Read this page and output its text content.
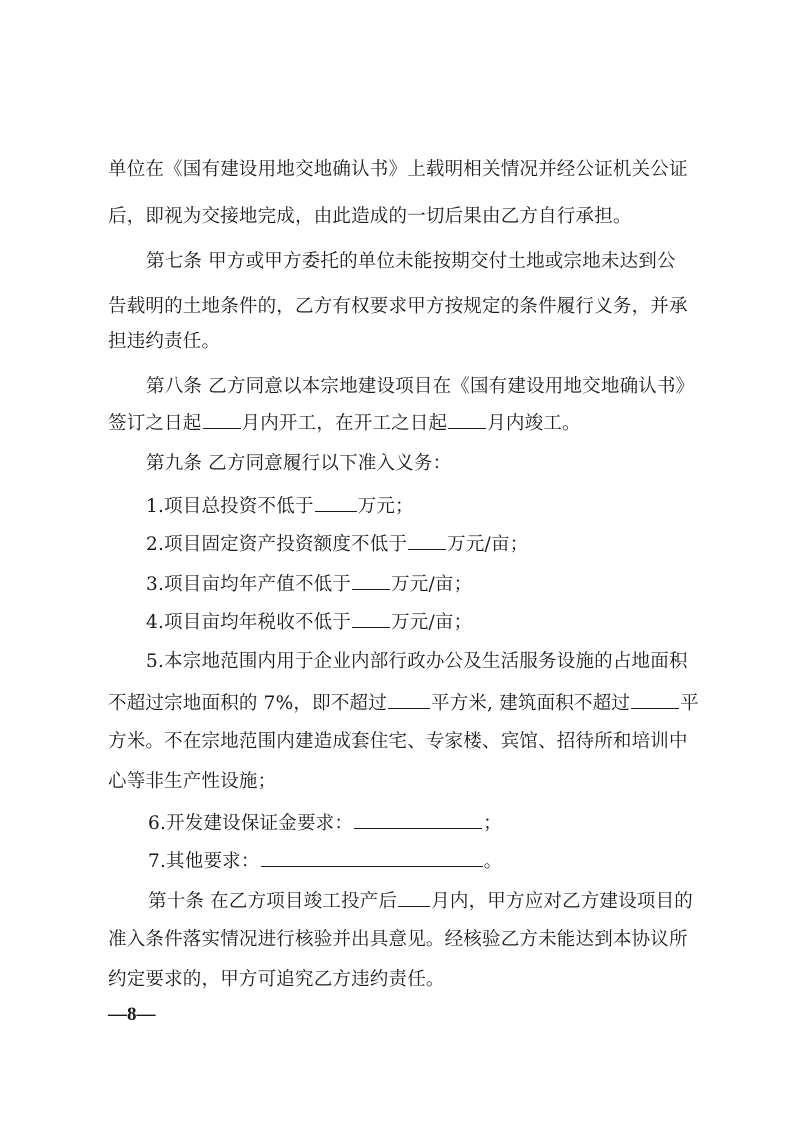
单位在《国有建设用地交地确认书》上载明相关情况并经公证机关公证
后，即视为交接地完成，由此造成的一切后果由乙方自行承担。
第七条 甲方或甲方委托的单位未能按期交付土地或宗地未达到公
告载明的土地条件的，乙方有权要求甲方按规定的条件履行义务，并承
担违约责任。
第八条 乙方同意以本宗地建设项目在《国有建设用地交地确认书》
签订之日起 月内开工，在开工之日起 月内竣工。
第九条 乙方同意履行以下准入义务：
1.项目总投资不低于 万元；
2.项目固定资产投资额度不低于 万元/亩；
3.项目亩均年产值不低于 万元/亩；
4.项目亩均年税收不低于 万元/亩；
5.本宗地范围内用于企业内部行政办公及生活服务设施的占地面积
不超过宗地面积的 7%，即不超过 平方米, 建筑面积不超过	平
方米。不在宗地范围内建造成套住宅、专家楼、宾馆、招待所和培训中
心等非生产性设施；
6.开发建设保证金要求：	；
7.其他要求：	。
第十条 在乙方项目竣工投产后 月内，甲方应对乙方建设项目的
准入条件落实情况进行核验并出具意见。经核验乙方未能达到本协议所
约定要求的，甲方可追究乙方违约责任。
—8—
